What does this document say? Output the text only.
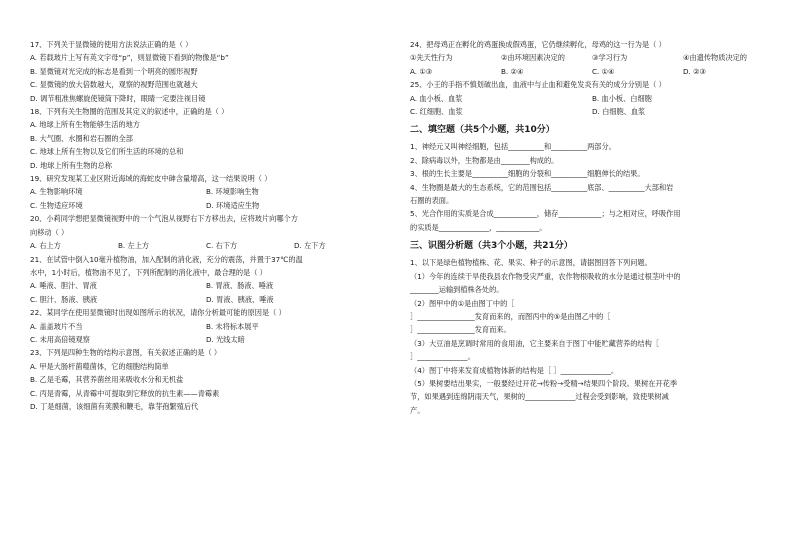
17、下列关于显微镜的使用方法说法正确的是（ ）
A. 若载玻片上写有英文字母“p”，则显微镜下看到的物像是“b”
B. 显微镜对光完成的标志是看到一个明亮的圆形视野
C. 显微镜的放大倍数越大，观察的视野范围也就越大
D. 调节粗准焦螺旋使镜筒下降时，眼睛一定要注视目镜
18、下列有关生物圈的范围及其定义的叙述中，正确的是（ ）
A. 地球上所有生物能够生活的地方
B. 大气圈、水圈和岩石圈的全部
C. 地球上所有生物以及它们所生活的环境的总和
D. 地球上所有生物的总称
19、研究发现某工业区附近海域的海蛇皮中砷含量增高，这一结果说明（ ）
A. 生物影响环境	B. 环境影响生物
C. 生物适应环境	D. 环境适应生物
20、小莉同学想把显微镜视野中的一个气泡从视野右下方移出去，应将玻片向哪个方
向移动（ ）
A. 右上方	B. 左上方	C. 右下方	D. 左下方
21、在试管中倒入10毫升植物油，加入配制的消化液，充分的震荡，并置于37℃的温
水中，1小时后，植物油不见了，下列所配制的消化液中，最合理的是（ ）
A. 唾液、胆汁、胃液	B. 胃液、肠液、唾液
C. 胆汁、肠液、胰液	D. 胃液、胰液、唾液
22、某同学在使用显微镜时出现如图所示的状况，请你分析最可能的原因是（ ）
A. 盖盖玻片不当	B. 未将标本展平
C. 未用高倍镜观察	D. 光线太暗
23、下列是四种生物的结构示意图，有关叙述正确的是（ ）
A. 甲是大肠杆菌噬菌体，它的细胞结构简单
B. 乙是毛霉，其营养菌丝用来吸收水分和无机盐
C. 丙是青霉，从青霉中可提取到它释放的抗生素——青霉素
D. 丁是细菌，该细菌有荚膜和鞭毛，靠芽孢繁殖后代
24、把母鸡正在孵化的鸡蛋换成假鸡蛋，它仍继续孵化，母鸡的这一行为是（ ）
①先天性行为	②由环境因素决定的	③学习行为	④由遗传物质决定的
A. ①③	B. ②④	C. ①④	D. ②③
25、小王的手指不慎划破出血，血液中与止血和避免发炎有关的成分分别是（ ）
A. 血小板、血浆	B. 血小板、白细胞
C. 红细胞、血浆	D. 白细胞、血浆
二、填空题（共5个小题，共10分）
1、神经元又叫神经细胞，包括__________和__________两部分。
2、除病毒以外，生物都是由________构成的。
3、根的生长主要是__________细胞的分裂和__________细胞伸长的结果。
4、生物圈是最大的生态系统，它的范围包括__________底部、__________大部和岩
石圈的表面。
5、光合作用的实质是合成____________，储存____________；与之相对应，呼吸作用
的实质是______________，____________。
三、识图分析题（共3个小题，共21分）
1、以下是绿色植物植株、花、果实、种子的示意图，请据图回答下列问题。
（1）今年的连续干旱使我县农作物受灾严重，农作物根吸收的水分是通过根茎叶中的
________运输到植株各处的。
（2）图甲中的①是由图丁中的［
］________________发育而来的，而图丙中的⑤是由图乙中的［
］________________发育而来。
（3）大豆油是烹调时常用的食用油，它主要来自于图丁中能贮藏营养的结构［
］______________。
（4）图丁中将来发育成植物体新的结构是［ ］______________。
（5）果树要结出果实，一般要经过开花→传粉→受精→结果四个阶段。果树在开花季
节，如果遇到连绵阴雨天气，果树的______________过程会受到影响，致使果树减
产。
